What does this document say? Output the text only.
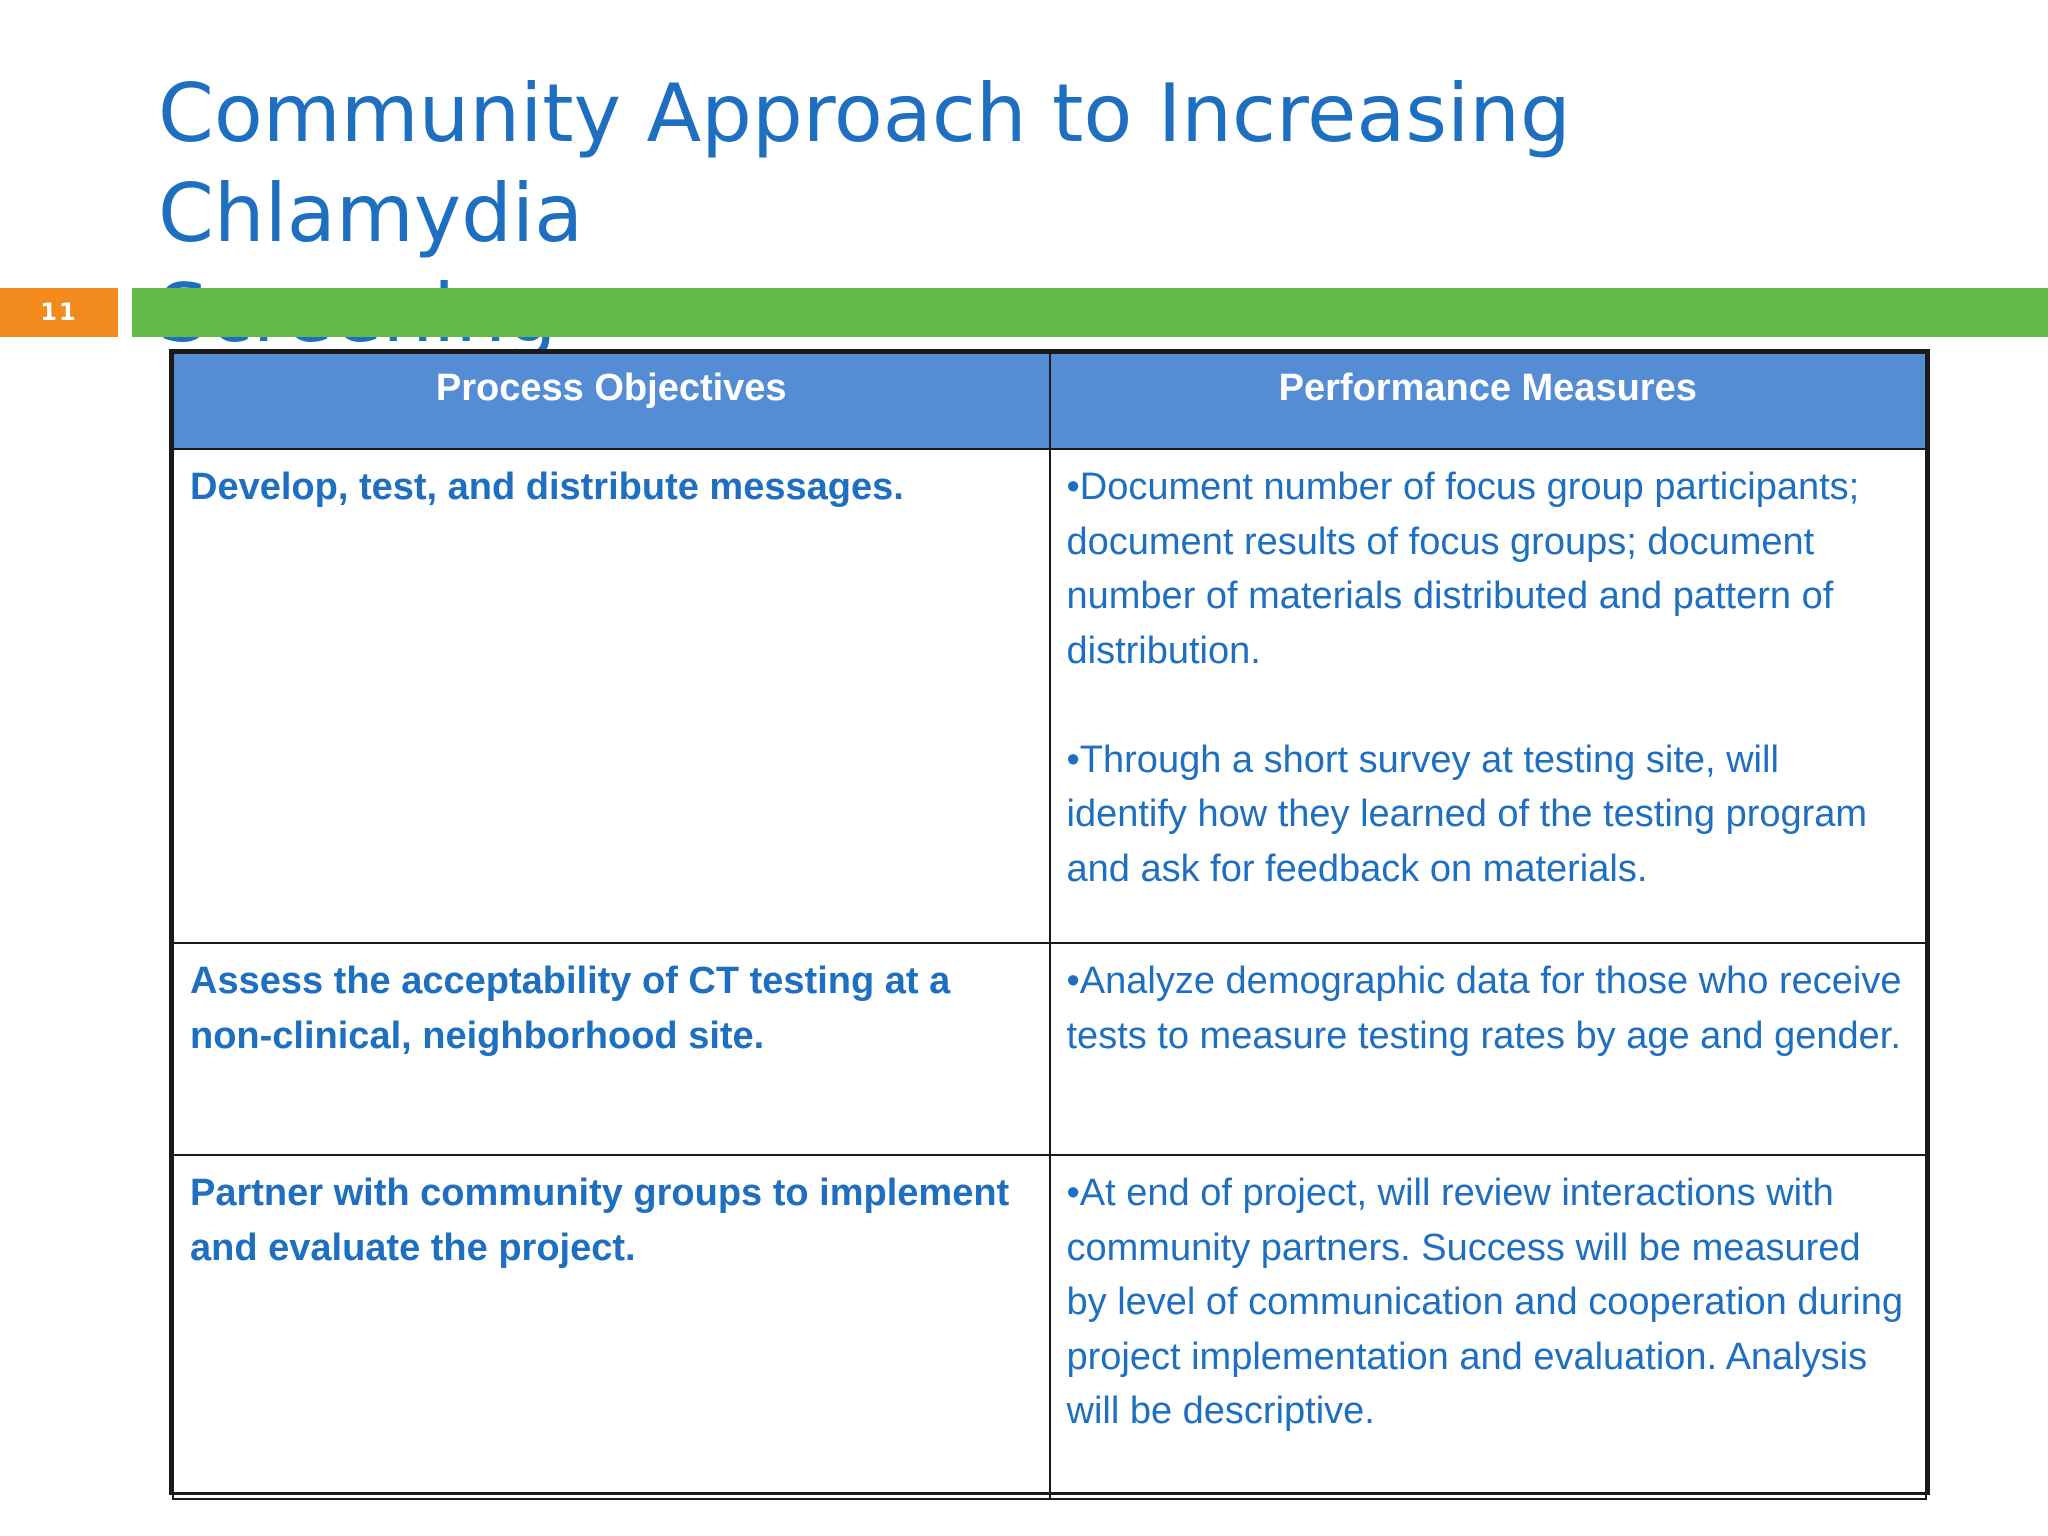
Community Approach to Increasing Chlamydia

11
Process Objectives	Performance Measures
Develop, test, and distribute messages.	•Document number of focus group participants; document results of focus groups; document number of materials distributed and pattern of distribution.

•Through a short survey at testing site, will identify how they learned of the testing program and ask for feedback on materials.

Assess the acceptability of CT testing at a non-clinical, neighborhood site.	•Analyze demographic data for those who receive tests to measure testing rates by age and gender.

Partner with community groups to implement and evaluate the project.	•At end of project, will review interactions with community partners. Success will be measured by level of communication and cooperation during project implementation and evaluation. Analysis will be descriptive.
